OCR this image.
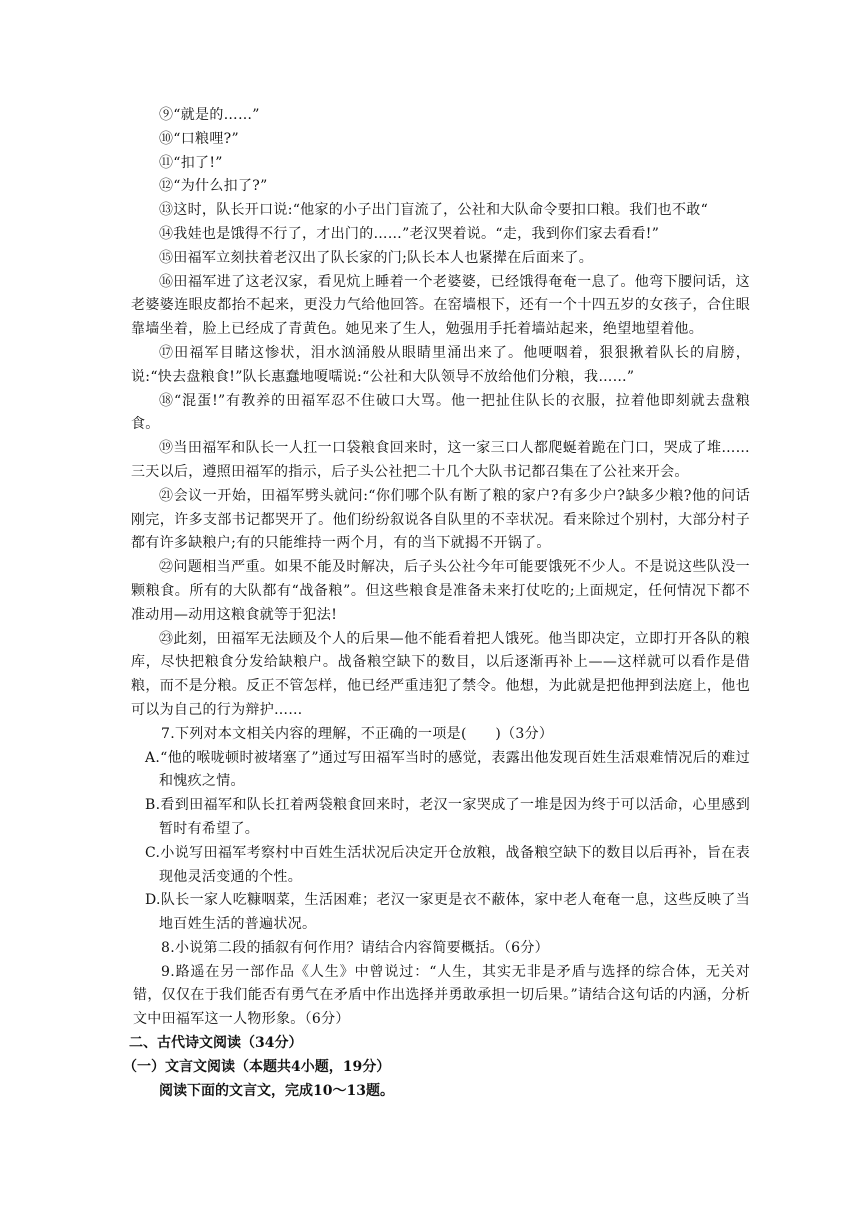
⑨“就是的……”

⑩“口粮哩?”

⑪“扣了!”

⑫“为什么扣了?”

⑬这时，队长开口说:“他家的小子出门盲流了，公社和大队命令要扣口粮。我们也不敢“

⑭我娃也是饿得不行了，才出门的……”老汉哭着说。“走，我到你们家去看看!”

⑮田福军立刻扶着老汉出了队长家的门;队长本人也紧撵在后面来了。

⑯田福军进了这老汉家，看见炕上睡着一个老婆婆，已经饿得奄奄一息了。他弯下腰问话，这老婆婆连眼皮都抬不起来，更没力气给他回答。在窑墙根下，还有一个十四五岁的女孩子，合住眼靠墙坐着，脸上已经成了青黄色。她见来了生人，勉强用手托着墙站起来，绝望地望着他。

⑰田福军目睹这惨状，泪水汹涌般从眼睛里涌出来了。他哽咽着，狠狠揪着队长的肩膀，说:“快去盘粮食!”队长惠蠢地嗄嚅说:“公社和大队领导不放给他们分粮，我……”

⑱“混蛋!”有教养的田福军忍不住破口大骂。他一把扯住队长的衣服，拉着他即刻就去盘粮食。

⑲当田福军和队长一人扛一口袋粮食回来时，这一家三口人都爬蜒着跪在门口，哭成了堆……三天以后，遵照田福军的指示，后子头公社把二十几个大队书记都召集在了公社来开会。

㉑会议一开始，田福军劈头就问:“你们哪个队有断了粮的家户?有多少户?缺多少粮?他的问话刚完，许多支部书记都哭开了。他们纷纷叙说各自队里的不幸状况。看来除过个别村，大部分村子都有许多缺粮户;有的只能维持一两个月，有的当下就揭不开锅了。

㉒问题相当严重。如果不能及时解决，后子头公社今年可能要饿死不少人。不是说这些队没一颗粮食。所有的大队都有“战备粮”。但这些粮食是准备未来打仗吃的;上面规定，任何情况下都不准动用—动用这粮食就等于犯法!

㉓此刻，田福军无法顾及个人的后果—他不能看着把人饿死。他当即决定，立即打开各队的粮库，尽快把粮食分发给缺粮户。战备粮空缺下的数目，以后逐渐再补上——这样就可以看作是借粮，而不是分粮。反正不管怎样，他已经严重违犯了禁令。他想，为此就是把他押到法庭上，他也可以为自己的行为辩护……

7.下列对本文相关内容的理解，不正确的一项是(　　)（3分）

A.“他的喉咙顿时被堵塞了”通过写田福军当时的感觉，表露出他发现百姓生活艰难情况后的难过和愧疚之情。

B.看到田福军和队长扛着两袋粮食回来时，老汉一家哭成了一堆是因为终于可以活命，心里感到暂时有希望了。

C.小说写田福军考察村中百姓生活状况后决定开仓放粮，战备粮空缺下的数目以后再补，旨在表现他灵活变通的个性。

D.队长一家人吃糠咽菜，生活困难；老汉一家更是衣不蔽体，家中老人奄奄一息，这些反映了当地百姓生活的普遍状况。

8.小说第二段的插叙有何作用？请结合内容简要概括。（6分）

9.路遥在另一部作品《人生》中曾说过：“人生，其实无非是矛盾与选择的综合体，无关对错，仅仅在于我们能否有勇气在矛盾中作出选择并勇敢承担一切后果。”请结合这句话的内涵，分析文中田福军这一人物形象。（6分）

二、古代诗文阅读（34分）

（一）文言文阅读（本题共4小题，19分）

阅读下面的文言文，完成10～13题。
